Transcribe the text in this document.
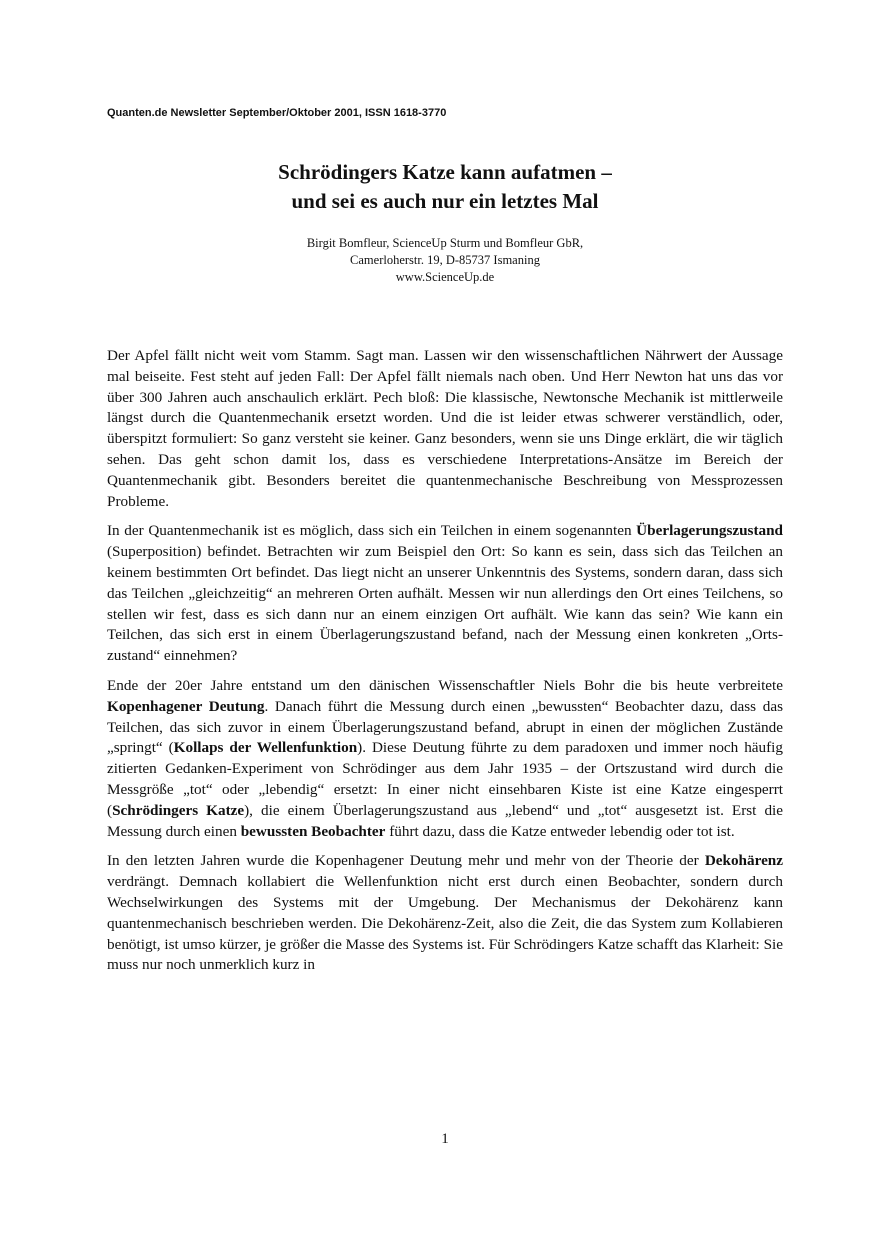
Quanten.de Newsletter September/Oktober 2001, ISSN 1618-3770

Schrödingers Katze kann aufatmen –
und sei es auch nur ein letztes Mal
Birgit Bomfleur, ScienceUp Sturm und Bomfleur GbR,
Camerloherstr. 19, D-85737 Ismaning
www.ScienceUp.de

Der Apfel fällt nicht weit vom Stamm. Sagt man. Lassen wir den wissenschaftlichen Nährwert der Aussage mal beiseite. Fest steht auf jeden Fall: Der Apfel fällt niemals nach oben. Und Herr Newton hat uns das vor über 300 Jahren auch anschaulich erklärt. Pech bloß: Die klassische, Newtonsche Mechanik ist mittlerweile längst durch die Quantenmechanik ersetzt worden. Und die ist leider etwas schwerer verständlich, oder, überspitzt formuliert: So ganz versteht sie keiner. Ganz besonders, wenn sie uns Dinge erklärt, die wir täglich sehen. Das geht schon damit los, dass es verschiedene Interpretations-Ansätze im Bereich der Quantenmechanik gibt. Besonders bereitet die quantenmechanische Beschreibung von Messprozessen Probleme.

In der Quantenmechanik ist es möglich, dass sich ein Teilchen in einem sogenannten Überlagerungszustand (Superposition) befindet. Betrachten wir zum Beispiel den Ort: So kann es sein, dass sich das Teilchen an keinem bestimmten Ort befindet. Das liegt nicht an unserer Unkenntnis des Systems, sondern daran, dass sich das Teilchen „gleichzeitig“ an mehreren Orten aufhält. Messen wir nun allerdings den Ort eines Teilchens, so stellen wir fest, dass es sich dann nur an einem einzigen Ort aufhält. Wie kann das sein? Wie kann ein Teilchen, das sich erst in einem Überlagerungszustand befand, nach der Messung einen konkreten „Ortszustand“ einnehmen?

Ende der 20er Jahre entstand um den dänischen Wissenschaftler Niels Bohr die bis heute verbreitete Kopenhagener Deutung. Danach führt die Messung durch einen „bewussten“ Beobachter dazu, dass das Teilchen, das sich zuvor in einem Überlagerungszustand befand, abrupt in einen der möglichen Zustände „springt“ (Kollaps der Wellenfunktion). Diese Deutung führte zu dem paradoxen und immer noch häufig zitierten Gedanken-Experiment von Schrödinger aus dem Jahr 1935 – der Ortszustand wird durch die Messgröße „tot“ oder „lebendig“ ersetzt: In einer nicht einsehbaren Kiste ist eine Katze eingesperrt (Schrödingers Katze), die einem Überlagerungszustand aus „lebend“ und „tot“ ausgesetzt ist. Erst die Messung durch einen bewussten Beobachter führt dazu, dass die Katze entweder lebendig oder tot ist.

In den letzten Jahren wurde die Kopenhagener Deutung mehr und mehr von der Theorie der Dekohärenz verdrängt. Demnach kollabiert die Wellenfunktion nicht erst durch einen Beobachter, sondern durch Wechselwirkungen des Systems mit der Umgebung. Der Mechanismus der Dekohärenz kann quantenmechanisch beschrieben werden. Die Dekohärenz-Zeit, also die Zeit, die das System zum Kollabieren benötigt, ist umso kürzer, je größer die Masse des Systems ist. Für Schrödingers Katze schafft das Klarheit: Sie muss nur noch unmerklich kurz in

1
